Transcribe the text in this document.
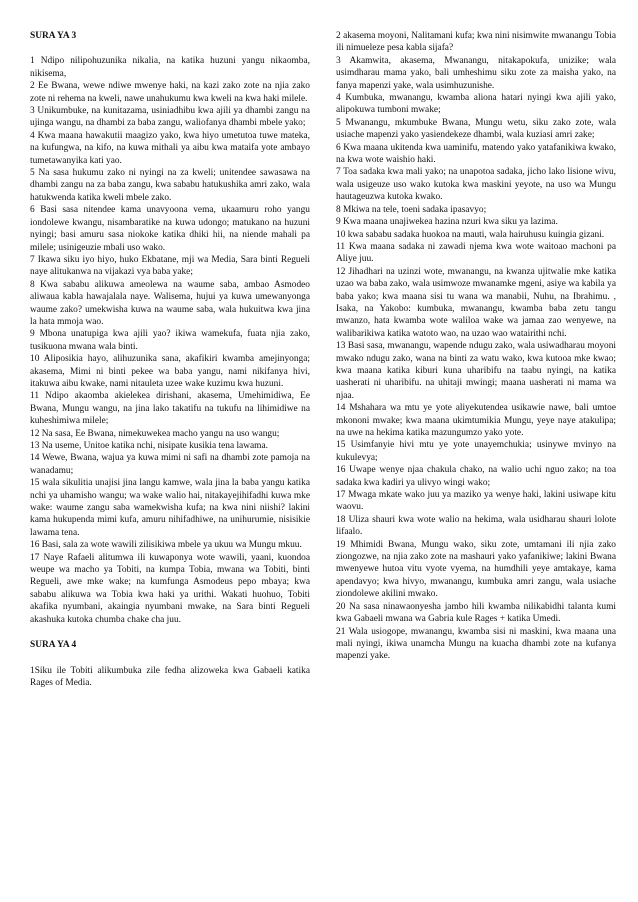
SURA YA 3

1 Ndipo nilipohuzunika nikalia, na katika huzuni yangu nikaomba, nikisema,

2 Ee Bwana, wewe ndiwe mwenye haki, na kazi zako zote na njia zako zote ni rehema na kweli, nawe unahukumu kwa kweli na kwa haki milele.

3 Unikumbuke, na kunitazama, usiniadhibu kwa ajili ya dhambi zangu na ujinga wangu, na dhambi za baba zangu, waliofanya dhambi mbele yako;

4 Kwa maana hawakutii maagizo yako, kwa hiyo umetutoa tuwe mateka, na kufungwa, na kifo, na kuwa mithali ya aibu kwa mataifa yote ambayo tumetawanyika kati yao.

5 Na sasa hukumu zako ni nyingi na za kweli; unitendee sawasawa na dhambi zangu na za baba zangu, kwa sababu hatukushika amri zako, wala hatukwenda katika kweli mbele zako.

6 Basi sasa nitendee kama unavyoona vema, ukaamuru roho yangu iondolewe kwangu, nisambaratike na kuwa udongo; matukano na huzuni nyingi; basi amuru sasa niokoke katika dhiki hii, na niende mahali pa milele; usinigeuzie mbali uso wako.

7 Ikawa siku iyo hiyo, huko Ekbatane, mji wa Media, Sara binti Regueli naye alitukanwa na vijakazi vya baba yake;

8 Kwa sababu alikuwa ameolewa na waume saba, ambao Asmodeo aliwaua kabla hawajalala naye. Walisema, hujui ya kuwa umewanyonga waume zako? umekwisha kuwa na waume saba, wala hukuitwa kwa jina la hata mmoja wao.

9 Mbona unatupiga kwa ajili yao? ikiwa wamekufa, fuata njia zako, tusikuona mwana wala binti.

10 Aliposikia hayo, alihuzunika sana, akafikiri kwamba amejinyonga; akasema, Mimi ni binti pekee wa baba yangu, nami nikifanya hivi, itakuwa aibu kwake, nami nitauleta uzee wake kuzimu kwa huzuni.

11 Ndipo akaomba akielekea dirishani, akasema, Umehimidiwa, Ee Bwana, Mungu wangu, na jina lako takatifu na tukufu na lihimidiwe na kuheshimiwa milele;

12 Na sasa, Ee Bwana, nimekuwekea macho yangu na uso wangu;

13 Na useme, Unitoe katika nchi, nisipate kusikia tena lawama.

14 Wewe, Bwana, wajua ya kuwa mimi ni safi na dhambi zote pamoja na wanadamu;

15 wala sikulitia unajisi jina langu kamwe, wala jina la baba yangu katika nchi ya uhamisho wangu; wa wake walio hai, nitakayejihifadhi kuwa mke wake: waume zangu saba wamekwisha kufa; na kwa nini niishi? lakini kama hukupenda mimi kufa, amuru nihifadhiwe, na unihurumie, nisisikie lawama tena.

16 Basi, sala za wote wawili zilisikiwa mbele ya ukuu wa Mungu mkuu.

17 Naye Rafaeli alitumwa ili kuwaponya wote wawili, yaani, kuondoa weupe wa macho ya Tobiti, na kumpa Tobia, mwana wa Tobiti, binti Regueli, awe mke wake; na kumfunga Asmodeus pepo mbaya; kwa sababu alikuwa wa Tobia kwa haki ya urithi. Wakati huohuo, Tobiti akafika nyumbani, akaingia nyumbani mwake, na Sara binti Regueli akashuka kutoka chumba chake cha juu.

SURA YA 4

1Siku ile Tobiti alikumbuka zile fedha alizoweka kwa Gabaeli katika Rages of Media.

2 akasema moyoni, Nalitamani kufa; kwa nini nisimwite mwanangu Tobia ili nimueleze pesa kabla sijafa?

3 Akamwita, akasema, Mwanangu, nitakapokufa, unizike; wala usimdharau mama yako, bali umheshimu siku zote za maisha yako, na fanya mapenzi yake, wala usimhuzunishe.

4 Kumbuka, mwanangu, kwamba aliona hatari nyingi kwa ajili yako, alipokuwa tumboni mwake;

5 Mwanangu, mkumbuke Bwana, Mungu wetu, siku zako zote, wala usiache mapenzi yako yasiendekeze dhambi, wala kuziasi amri zake;

6 Kwa maana ukitenda kwa uaminifu, matendo yako yatafanikiwa kwako, na kwa wote waishio haki.

7 Toa sadaka kwa mali yako; na unapotoa sadaka, jicho lako lisione wivu, wala usigeuze uso wako kutoka kwa maskini yeyote, na uso wa Mungu hautageuzwa kutoka kwako.

8 Mkiwa na tele, toeni sadaka ipasavyo;

9 Kwa maana unajiwekea hazina nzuri kwa siku ya lazima.

10 kwa sababu sadaka huokoa na mauti, wala hairuhusu kuingia gizani.

11 Kwa maana sadaka ni zawadi njema kwa wote waitoao machoni pa Aliye juu.

12 Jihadhari na uzinzi wote, mwanangu, na kwanza ujitwalie mke katika uzao wa baba zako, wala usimwoze mwanamke mgeni, asiye wa kabila ya baba yako; kwa maana sisi tu wana wa manabii, Nuhu, na Ibrahimu. , Isaka, na Yakobo: kumbuka, mwanangu, kwamba baba zetu tangu mwanzo, hata kwamba wote waliloa wake wa jamaa zao wenyewe, na walibarikiwa katika watoto wao, na uzao wao watairithi nchi.

13 Basi sasa, mwanangu, wapende ndugu zako, wala usiwadharau moyoni mwako ndugu zako, wana na binti za watu wako, kwa kutooa mke kwao; kwa maana katika kiburi kuna uharibifu na taabu nyingi, na katika uasherati ni uharibifu. na uhitaji mwingi; maana uasherati ni mama wa njaa.

14 Mshahara wa mtu ye yote aliyekutendea usikawie nawe, bali umtoe mkononi mwake; kwa maana ukimtumikia Mungu, yeye naye atakulipa; na uwe na hekima katika mazungumzo yako yote.

15 Usimfanyie hivi mtu ye yote unayemchukia; usinywe mvinyo na kukulevya;

16 Uwape wenye njaa chakula chako, na walio uchi nguo zako; na toa sadaka kwa kadiri ya ulivyo wingi wako;

17 Mwaga mkate wako juu ya maziko ya wenye haki, lakini usiwape kitu waovu.

18 Uliza shauri kwa wote walio na hekima, wala usidharau shauri lolote lifaalo.

19 Mhimidi Bwana, Mungu wako, siku zote, umtamani ili njia zako ziongozwe, na njia zako zote na mashauri yako yafanikiwe; lakini Bwana mwenyewe hutoa vitu vyote vyema, na humdhili yeye amtakaye, kama apendavyo; kwa hivyo, mwanangu, kumbuka amri zangu, wala usiache ziondolewe akilini mwako.

20 Na sasa ninawaonyesha jambo hili kwamba nilikabidhi talanta kumi kwa Gabaeli mwana wa Gabria kule Rages + katika Umedi.

21 Wala usiogope, mwanangu, kwamba sisi ni maskini, kwa maana una mali nyingi, ikiwa unamcha Mungu na kuacha dhambi zote na kufanya mapenzi yake.
